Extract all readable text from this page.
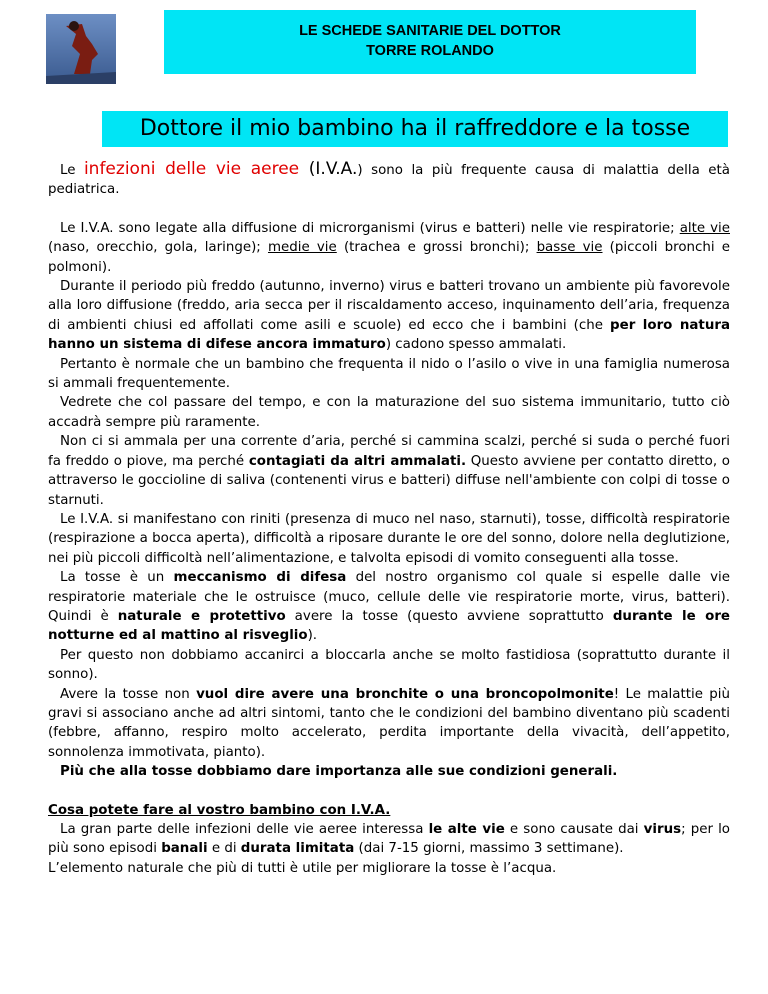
LE SCHEDE SANITARIE DEL DOTTOR
TORRE ROLANDO
Dottore il mio bambino ha il raffreddore e la tosse

Le infezioni delle vie aeree (I.V.A.) sono la più frequente causa di malattia della età pediatrica.

Le I.V.A. sono legate alla diffusione di microrganismi (virus e batteri) nelle vie respiratorie; alte vie (naso, orecchio, gola, laringe); medie vie (trachea e grossi bronchi); basse vie (piccoli bronchi e polmoni).

Durante il periodo più freddo (autunno, inverno) virus e batteri trovano un ambiente più favorevole alla loro diffusione (freddo, aria secca per il riscaldamento acceso, inquinamento dell’aria, frequenza di ambienti chiusi ed affollati come asili e scuole) ed ecco che i bambini (che per loro natura hanno un sistema di difese ancora immaturo) cadono spesso ammalati.

Pertanto è normale che un bambino che frequenta il nido o l’asilo o vive in una famiglia numerosa si ammali frequentemente.

Vedrete che col passare del tempo, e con la maturazione del suo sistema immunitario, tutto ciò accadrà sempre più raramente.

Non ci si ammala per una corrente d’aria, perché si cammina scalzi, perché si suda o perché fuori fa freddo o piove, ma perché contagiati da altri ammalati. Questo avviene per contatto diretto, o attraverso le goccioline di saliva (contenenti virus e batteri) diffuse nell'ambiente con colpi di tosse o starnuti.

Le I.V.A. si manifestano con riniti (presenza di muco nel naso, starnuti), tosse, difficoltà respiratorie (respirazione a bocca aperta), difficoltà a riposare durante le ore del sonno, dolore nella deglutizione, nei più piccoli difficoltà nell’alimentazione, e talvolta episodi di vomito conseguenti alla tosse.

La tosse è un meccanismo di difesa del nostro organismo col quale si espelle dalle vie respiratorie materiale che le ostruisce (muco, cellule delle vie respiratorie morte, virus, batteri). Quindi è naturale e protettivo avere la tosse (questo avviene soprattutto durante le ore notturne ed al mattino al risveglio).

Per questo non dobbiamo accanirci a bloccarla anche se molto fastidiosa (soprattutto durante il sonno).

Avere la tosse non vuol dire avere una bronchite o una broncopolmonite! Le malattie più gravi si associano anche ad altri sintomi, tanto che le condizioni del bambino diventano più scadenti (febbre, affanno, respiro molto accelerato, perdita importante della vivacità, dell’appetito, sonnolenza immotivata, pianto).

Più che alla tosse dobbiamo dare importanza alle sue condizioni generali.

Cosa potete fare al vostro bambino con I.V.A.

La gran parte delle infezioni delle vie aeree interessa le alte vie e sono causate dai virus; per lo più sono episodi banali e di durata limitata (dai 7-15 giorni, massimo 3 settimane).

L’elemento naturale che più di tutti è utile per migliorare la tosse è l’acqua.
